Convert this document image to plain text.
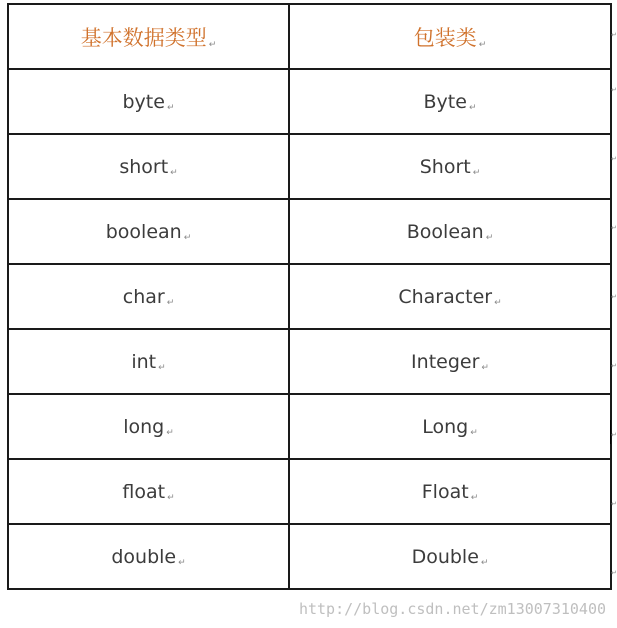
基本数据类型 ↵	包装类 ↵
byte ↵	Byte ↵
short ↵	Short ↵
boolean ↵	Boolean ↵
char ↵	Character ↵
int ↵	Integer ↵
long ↵	Long ↵
float ↵	Float ↵
double ↵	Double ↵
↵
↵
↵
↵
↵
↵
↵
↵
↵
http://blog.csdn.net/zm13007310400
